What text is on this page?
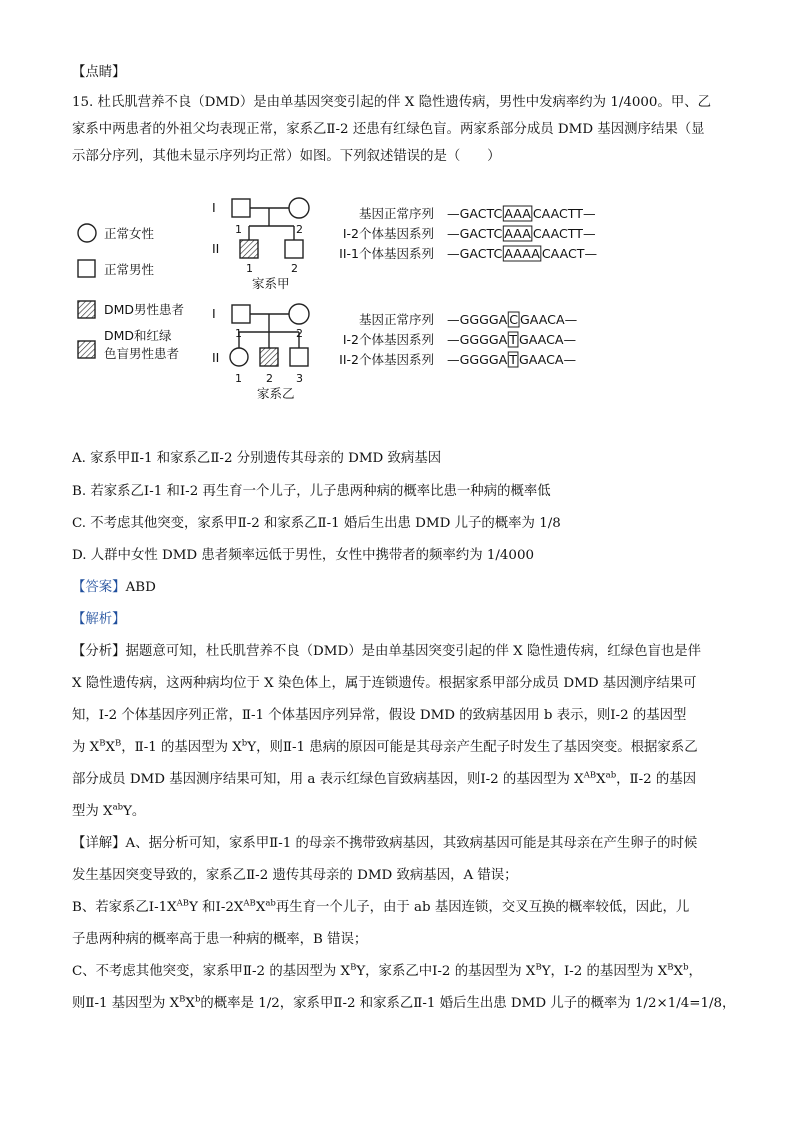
【点睛】
15. 杜氏肌营养不良（DMD）是由单基因突变引起的伴 X 隐性遗传病，男性中发病率约为 1/4000。甲、乙
家系中两患者的外祖父均表现正常，家系乙Ⅱ-2 还患有红绿色盲。两家系部分成员 DMD 基因测序结果（显
示部分序列，其他未显示序列均正常）如图。下列叙述错误的是（　　）
正常女性
正常男性
DMD男性患者
DMD和红绿
色盲男性患者
I
II
1	2
1	2
家系甲
I
II
1	2
1 2 3
家系乙
基因正常序列 —GACTC AAA CAACTT—
I-2个体基因系列 —GACTC AAA CAACTT—
II-1个体基因系列 —GACTC AAAA CAACT—
基因正常序列 —GGGGA C GAACA—
I-2个体基因系列 —GGGGA T GAACA—
II-2个体基因系列 —GGGGA T GAACA—
A. 家系甲Ⅱ-1 和家系乙Ⅱ-2 分别遗传其母亲的 DMD 致病基因
B. 若家系乙Ⅰ-1 和Ⅰ-2 再生育一个儿子，儿子患两种病的概率比患一种病的概率低
C. 不考虑其他突变，家系甲Ⅱ-2 和家系乙Ⅱ-1 婚后生出患 DMD 儿子的概率为 1/8
D. 人群中女性 DMD 患者频率远低于男性，女性中携带者的频率约为 1/4000
【答案】ABD
【解析】
【分析】据题意可知，杜氏肌营养不良（DMD）是由单基因突变引起的伴 X 隐性遗传病，红绿色盲也是伴
X 隐性遗传病，这两种病均位于 X 染色体上，属于连锁遗传。根据家系甲部分成员 DMD 基因测序结果可
知，Ⅰ-2 个体基因序列正常，Ⅱ-1 个体基因序列异常，假设 DMD 的致病基因用 b 表示，则Ⅰ-2 的基因型
为 $X^BX^B$，Ⅱ-1 的基因型为 $X^bY$，则Ⅱ-1 患病的原因可能是其母亲产生配子时发生了基因突变。根据家系乙
部分成员 DMD 基因测序结果可知，用 a 表示红绿色盲致病基因，则Ⅰ-2 的基因型为 $X^{AB}X^{ab}$，Ⅱ-2 的基因
型为 $X^{ab}Y$。
【详解】A、据分析可知，家系甲Ⅱ-1 的母亲不携带致病基因，其致病基因可能是其母亲在产生卵子的时候
发生基因突变导致的，家系乙Ⅱ-2 遗传其母亲的 DMD 致病基因，A 错误；
B、若家系乙$Ⅰ-1X^{AB}Y$ 和$Ⅰ-2X^{AB}X^{ab}$再生育一个儿子，由于 ab 基因连锁，交叉互换的概率较低，因此，儿
子患两种病的概率高于患一种病的概率，B 错误；
C、不考虑其他突变，家系甲Ⅱ-2 的基因型为 $X^BY$，家系乙中Ⅰ-2 的基因型为 $X^BY$，Ⅰ-2 的基因型为 $X^BX^b$，
则Ⅱ-1 基因型为 $X^BX^b$的概率是 1/2，家系甲Ⅱ-2 和家系乙Ⅱ-1 婚后生出患 DMD 儿子的概率为 1/2×1/4=1/8，
